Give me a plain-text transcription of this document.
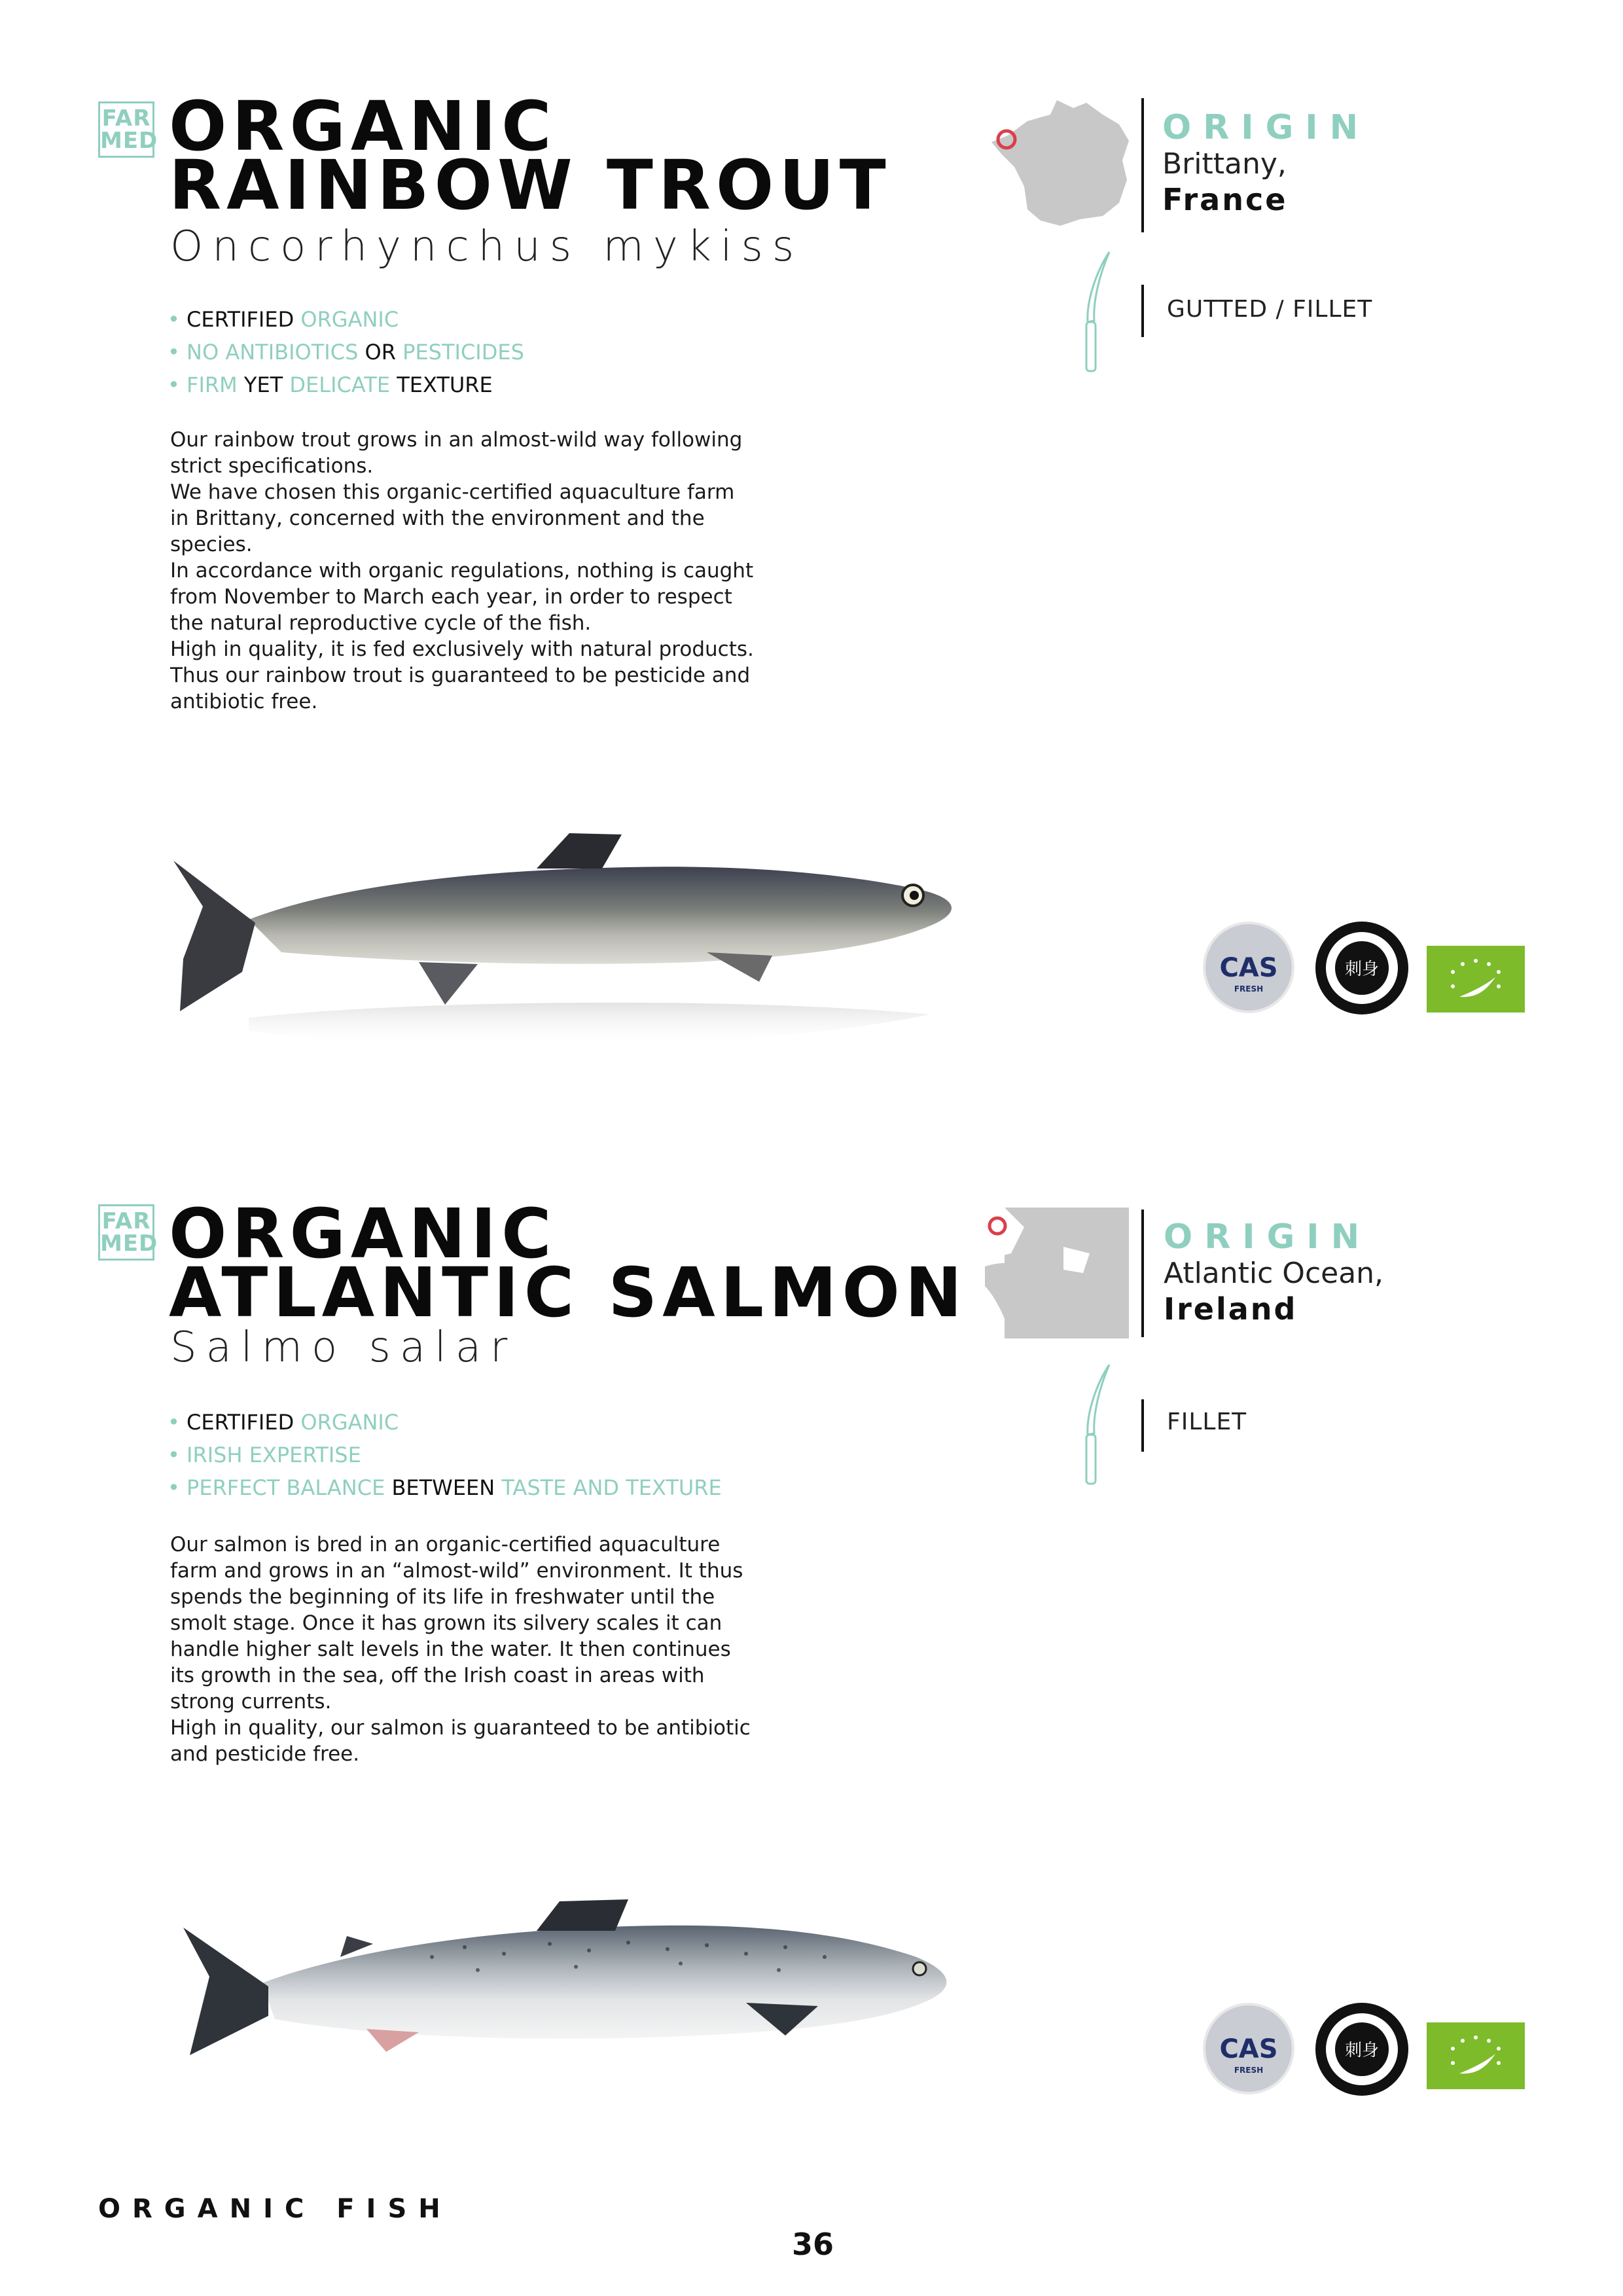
FAR
MED ORGANIC
RAINBOW TROUT
Oncorhynchus mykiss
• CERTIFIED ORGANIC
• NO ANTIBIOTICS OR PESTICIDES
• FIRM YET DELICATE TEXTURE

Our rainbow trout grows in an almost-wild way following strict specifications.

We have chosen this organic-certified aquaculture farm in Brittany, concerned with the environment and the species.

In accordance with organic regulations, nothing is caught from November to March each year, in order to respect the natural reproductive cycle of the fish.

High in quality, it is fed exclusively with natural products. Thus our rainbow trout is guaranteed to be pesticide and antibiotic free.

ORIGIN
Brittany,
France
GUTTED / FILLET
CAS
FRESH
刺身
FAR
MED ORGANIC
ATLANTIC SALMON
Salmo salar
• CERTIFIED ORGANIC
• IRISH EXPERTISE
• PERFECT BALANCE BETWEEN TASTE AND TEXTURE

Our salmon is bred in an organic-certified aquaculture farm and grows in an “almost-wild” environment. It thus spends the beginning of its life in freshwater until the smolt stage. Once it has grown its silvery scales it can handle higher salt levels in the water. It then continues its growth in the sea, off the Irish coast in areas with strong currents.

High in quality, our salmon is guaranteed to be antibiotic and pesticide free.

ORIGIN
Atlantic Ocean,
Ireland
FILLET
CAS
FRESH
刺身
ORGANIC FISH
36
